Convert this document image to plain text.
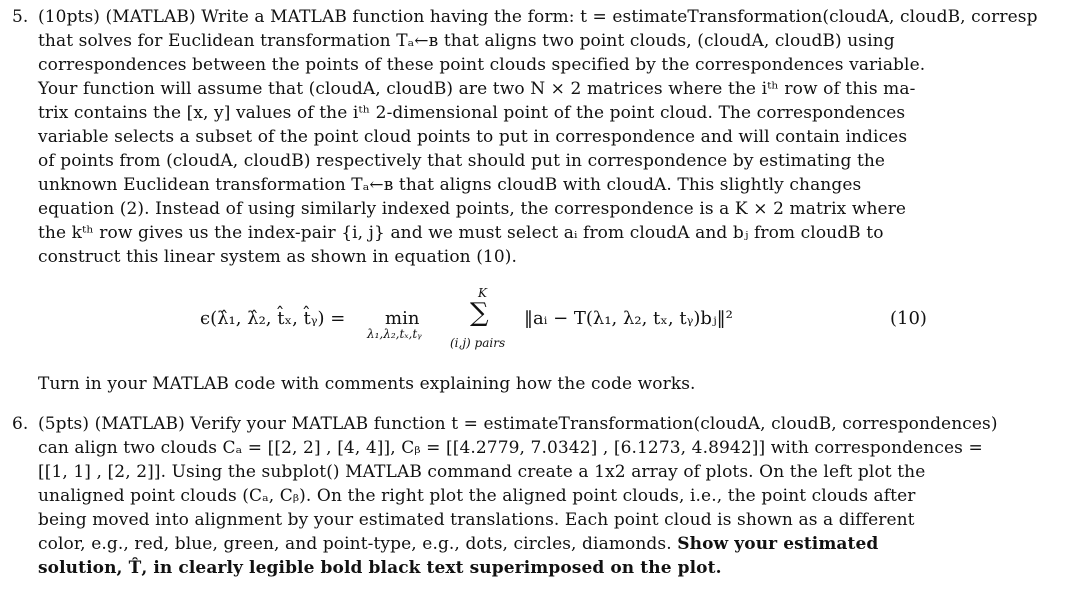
5. (10pts) (MATLAB) Write a MATLAB function having the form: t = estimateTransformation(cloudA, cloudB, corresp
that solves for Euclidean transformation Tₐ←ʙ that aligns two point clouds, (cloudA, cloudB) using
correspondences between the points of these point clouds specified by the correspondences variable.
Your function will assume that (cloudA, cloudB) are two N × 2 matrices where the iᵗʰ row of this ma-
trix contains the [x, y] values of the iᵗʰ 2-dimensional point of the point cloud. The correspondences
variable selects a subset of the point cloud points to put in correspondence and will contain indices
of points from (cloudA, cloudB) respectively that should put in correspondence by estimating the
unknown Euclidean transformation Tₐ←ʙ that aligns cloudB with cloudA. This slightly changes
equation (2). Instead of using similarly indexed points, the correspondence is a K × 2 matrix where
the kᵗʰ row gives us the index-pair {i, j} and we must select aᵢ from cloudA and bⱼ from cloudB to
construct this linear system as shown in equation (10).
ϵ(λ̂₁, λ̂₂, t̂ₓ, t̂ᵧ) = min
λ₁,λ₂,tₓ,tᵧ
K
∑
(i,j) pairs
‖aᵢ − T(λ₁, λ₂, tₓ, tᵧ)bⱼ‖²	(10)
Turn in your MATLAB code with comments explaining how the code works.
6. (5pts) (MATLAB) Verify your MATLAB function t = estimateTransformation(cloudA, cloudB, correspondences)
can align two clouds Cₐ = [[2, 2] , [4, 4]], Cᵦ = [[4.2779, 7.0342] , [6.1273, 4.8942]] with correspondences =
[[1, 1] , [2, 2]]. Using the subplot() MATLAB command create a 1x2 array of plots. On the left plot the
unaligned point clouds (Cₐ, Cᵦ). On the right plot the aligned point clouds, i.e., the point clouds after
being moved into alignment by your estimated translations. Each point cloud is shown as a different
color, e.g., red, blue, green, and point-type, e.g., dots, circles, diamonds. Show your estimated
solution, T̂, in clearly legible bold black text superimposed on the plot.
